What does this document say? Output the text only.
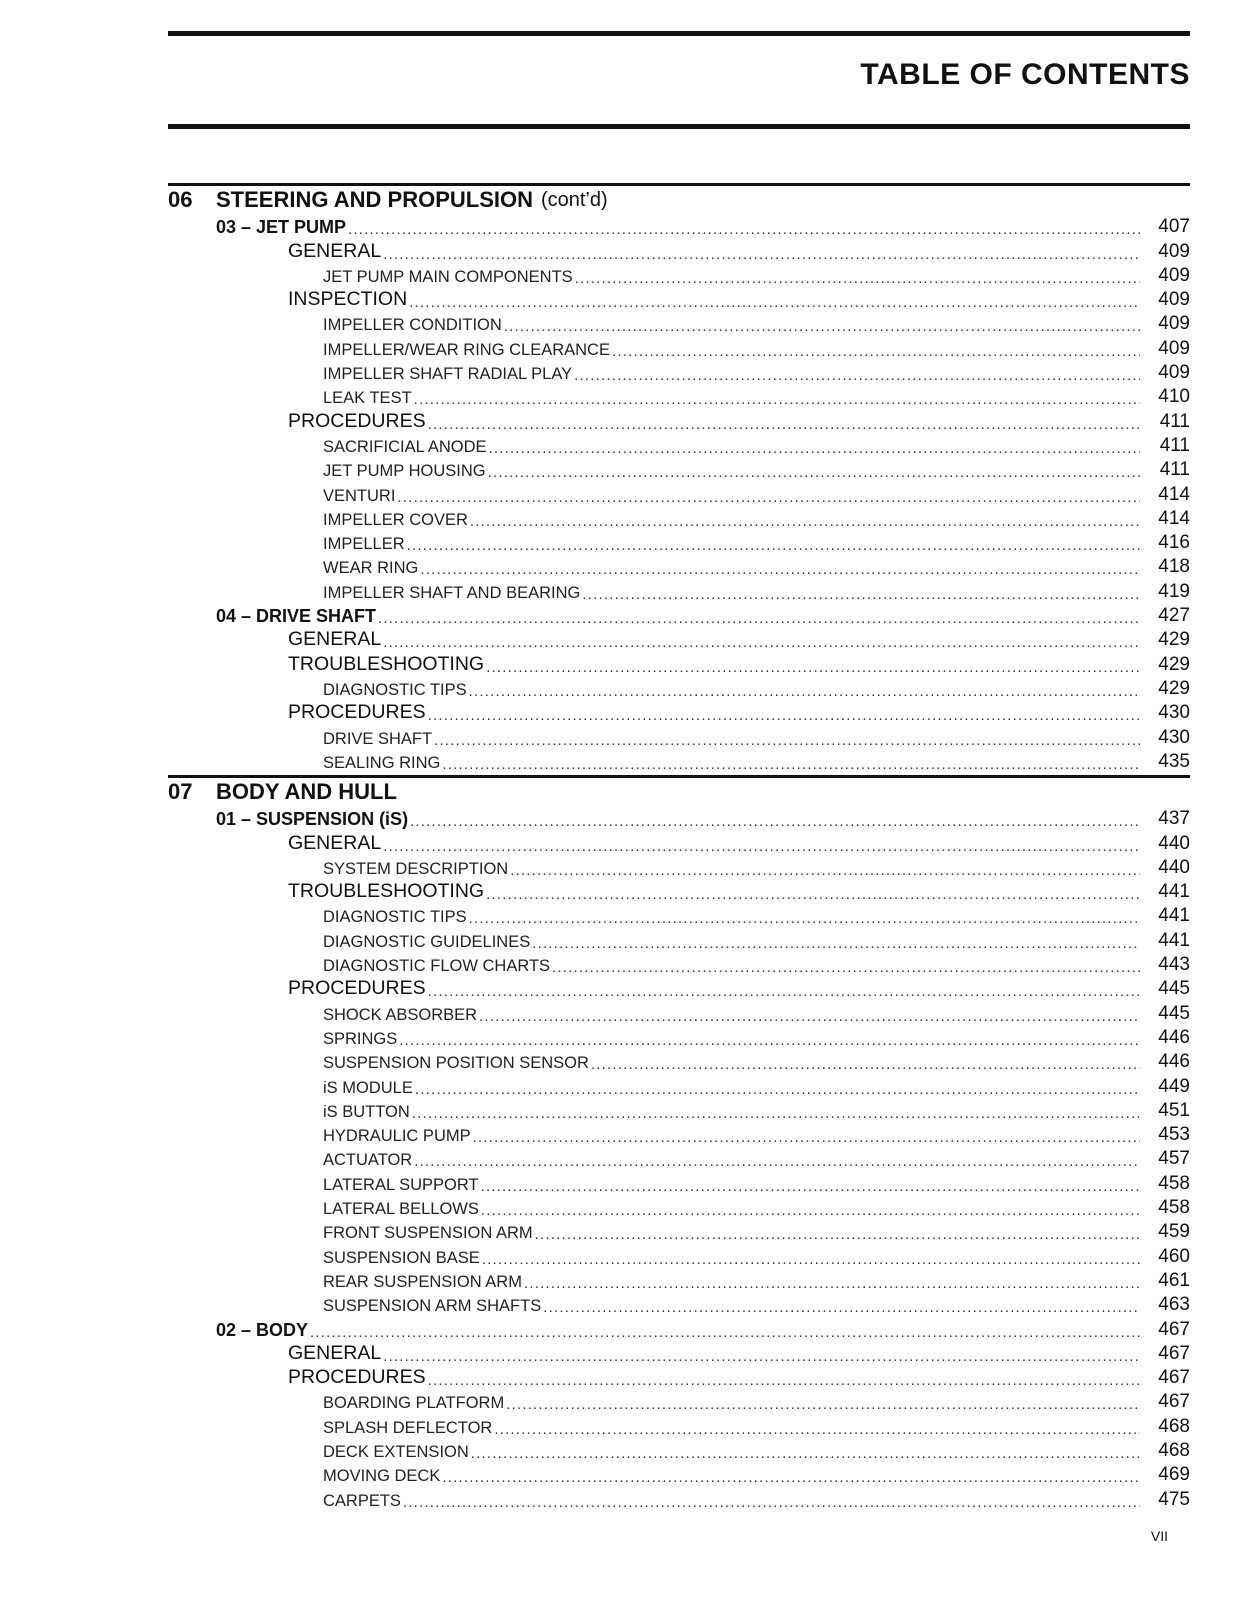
TABLE OF CONTENTS
06	STEERING AND PROPULSION (cont’d)
03 – JET PUMP .....	407
GENERAL .....	409
JET PUMP MAIN COMPONENTS .....	409
INSPECTION .....	409
IMPELLER CONDITION .....	409
IMPELLER/WEAR RING CLEARANCE .....	409
IMPELLER SHAFT RADIAL PLAY .....	409
LEAK TEST .....	410
PROCEDURES .....	411
SACRIFICIAL ANODE .....	411
JET PUMP HOUSING .....	411
VENTURI .....	414
IMPELLER COVER .....	414
IMPELLER .....	416
WEAR RING .....	418
IMPELLER SHAFT AND BEARING .....	419
04 – DRIVE SHAFT .....	427
GENERAL .....	429
TROUBLESHOOTING .....	429
DIAGNOSTIC TIPS .....	429
PROCEDURES .....	430
DRIVE SHAFT .....	430
SEALING RING .....	435
07	BODY AND HULL
01 – SUSPENSION (iS) .....	437
GENERAL .....	440
SYSTEM DESCRIPTION .....	440
TROUBLESHOOTING .....	441
DIAGNOSTIC TIPS .....	441
DIAGNOSTIC GUIDELINES .....	441
DIAGNOSTIC FLOW CHARTS .....	443
PROCEDURES .....	445
SHOCK ABSORBER .....	445
SPRINGS .....	446
SUSPENSION POSITION SENSOR .....	446
iS MODULE .....	449
iS BUTTON .....	451
HYDRAULIC PUMP .....	453
ACTUATOR .....	457
LATERAL SUPPORT .....	458
LATERAL BELLOWS .....	458
FRONT SUSPENSION ARM .....	459
SUSPENSION BASE .....	460
REAR SUSPENSION ARM .....	461
SUSPENSION ARM SHAFTS .....	463
02 – BODY .....	467
GENERAL .....	467
PROCEDURES .....	467
BOARDING PLATFORM .....	467
SPLASH DEFLECTOR .....	468
DECK EXTENSION .....	468
MOVING DECK .....	469
CARPETS .....	475
VII
